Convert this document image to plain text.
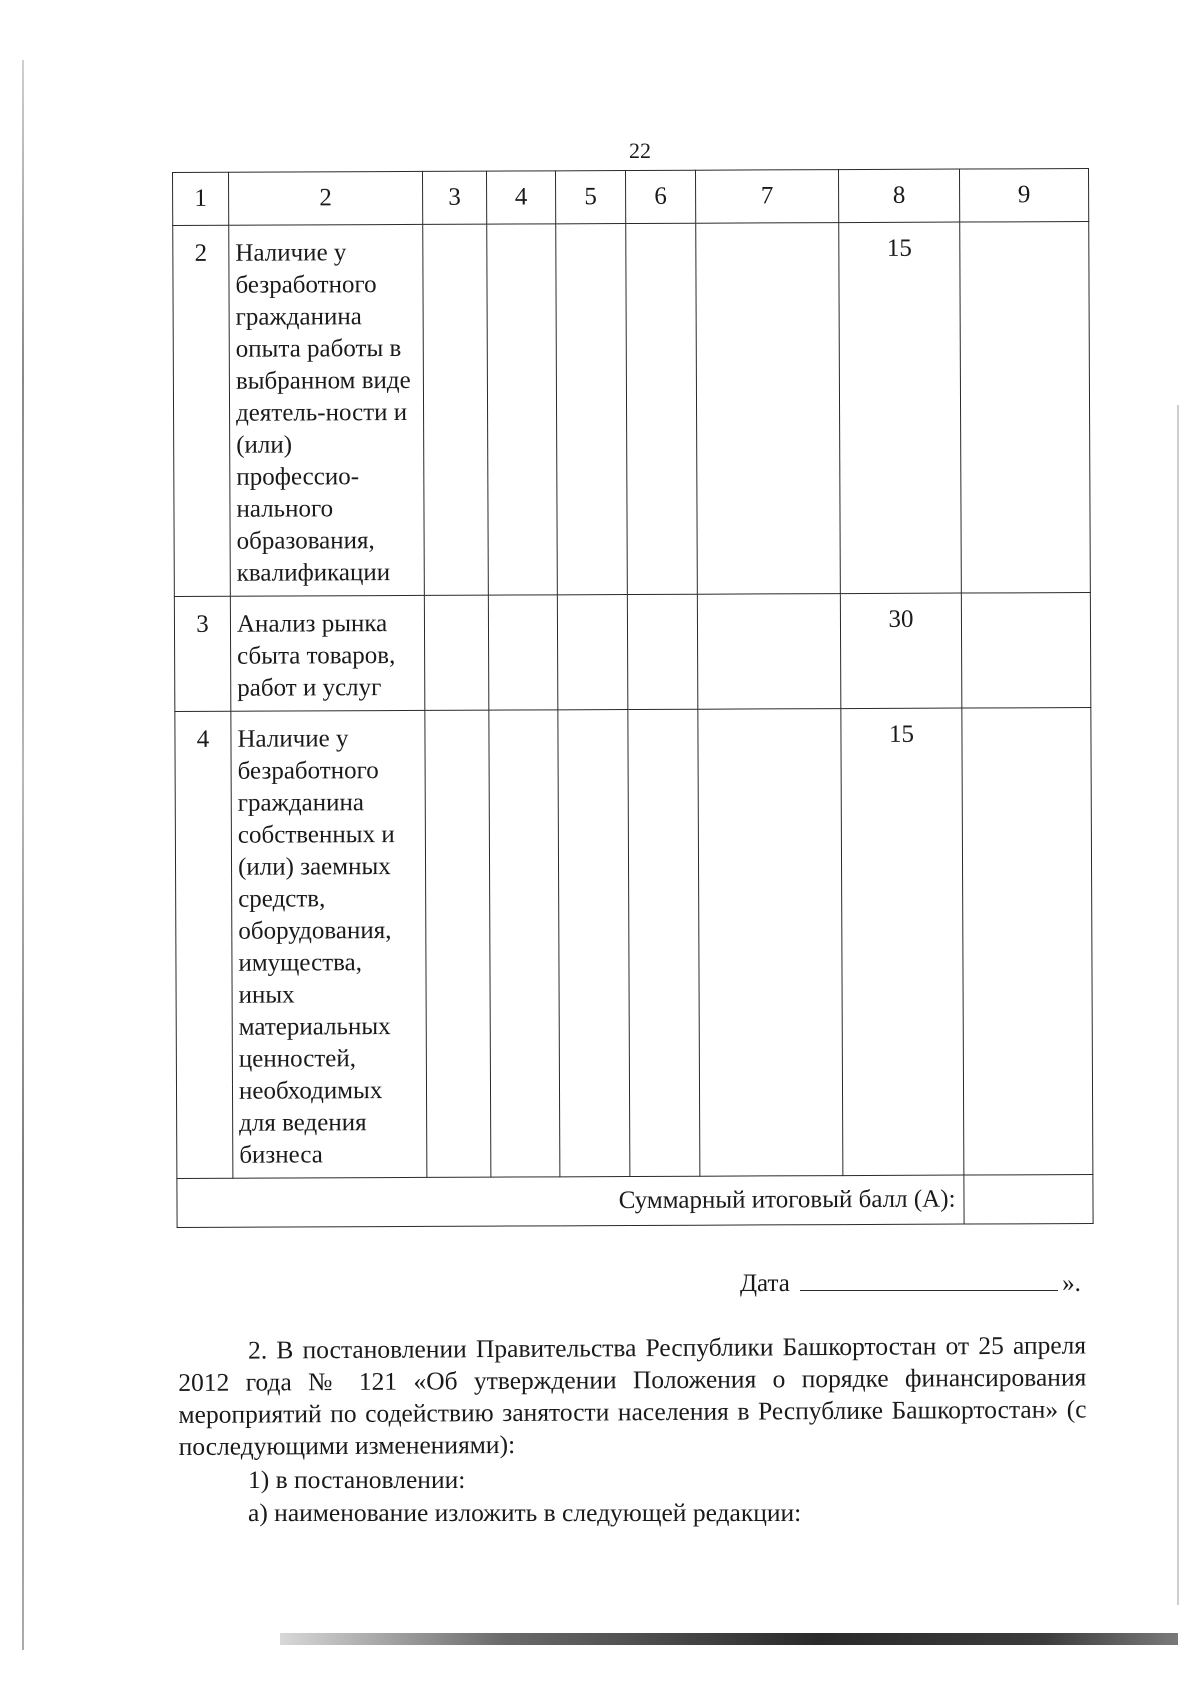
22
1	2	3	4	5	6	7	8	9
2	Наличие у безработного гражданина опыта работы в выбранном виде деятель-ности и (или) профессио-нального образования, квалификации						15	
3	Анализ рынка сбыта товаров, работ и услуг						30	
4	Наличие у безработного гражданина собственных и (или) заемных средств, оборудования, имущества, иных материальных ценностей, необходимых для ведения бизнеса						15	
Суммарный итоговый балл (А):								
Дата	».

2. В постановлении Правительства Республики Башкортостан от 25 апреля 2012 года № 121 «Об утверждении Положения о порядке финансирования мероприятий по содействию занятости населения в Республике Башкортостан» (с последующими изменениями):

1) в постановлении:

а) наименование изложить в следующей редакции:
